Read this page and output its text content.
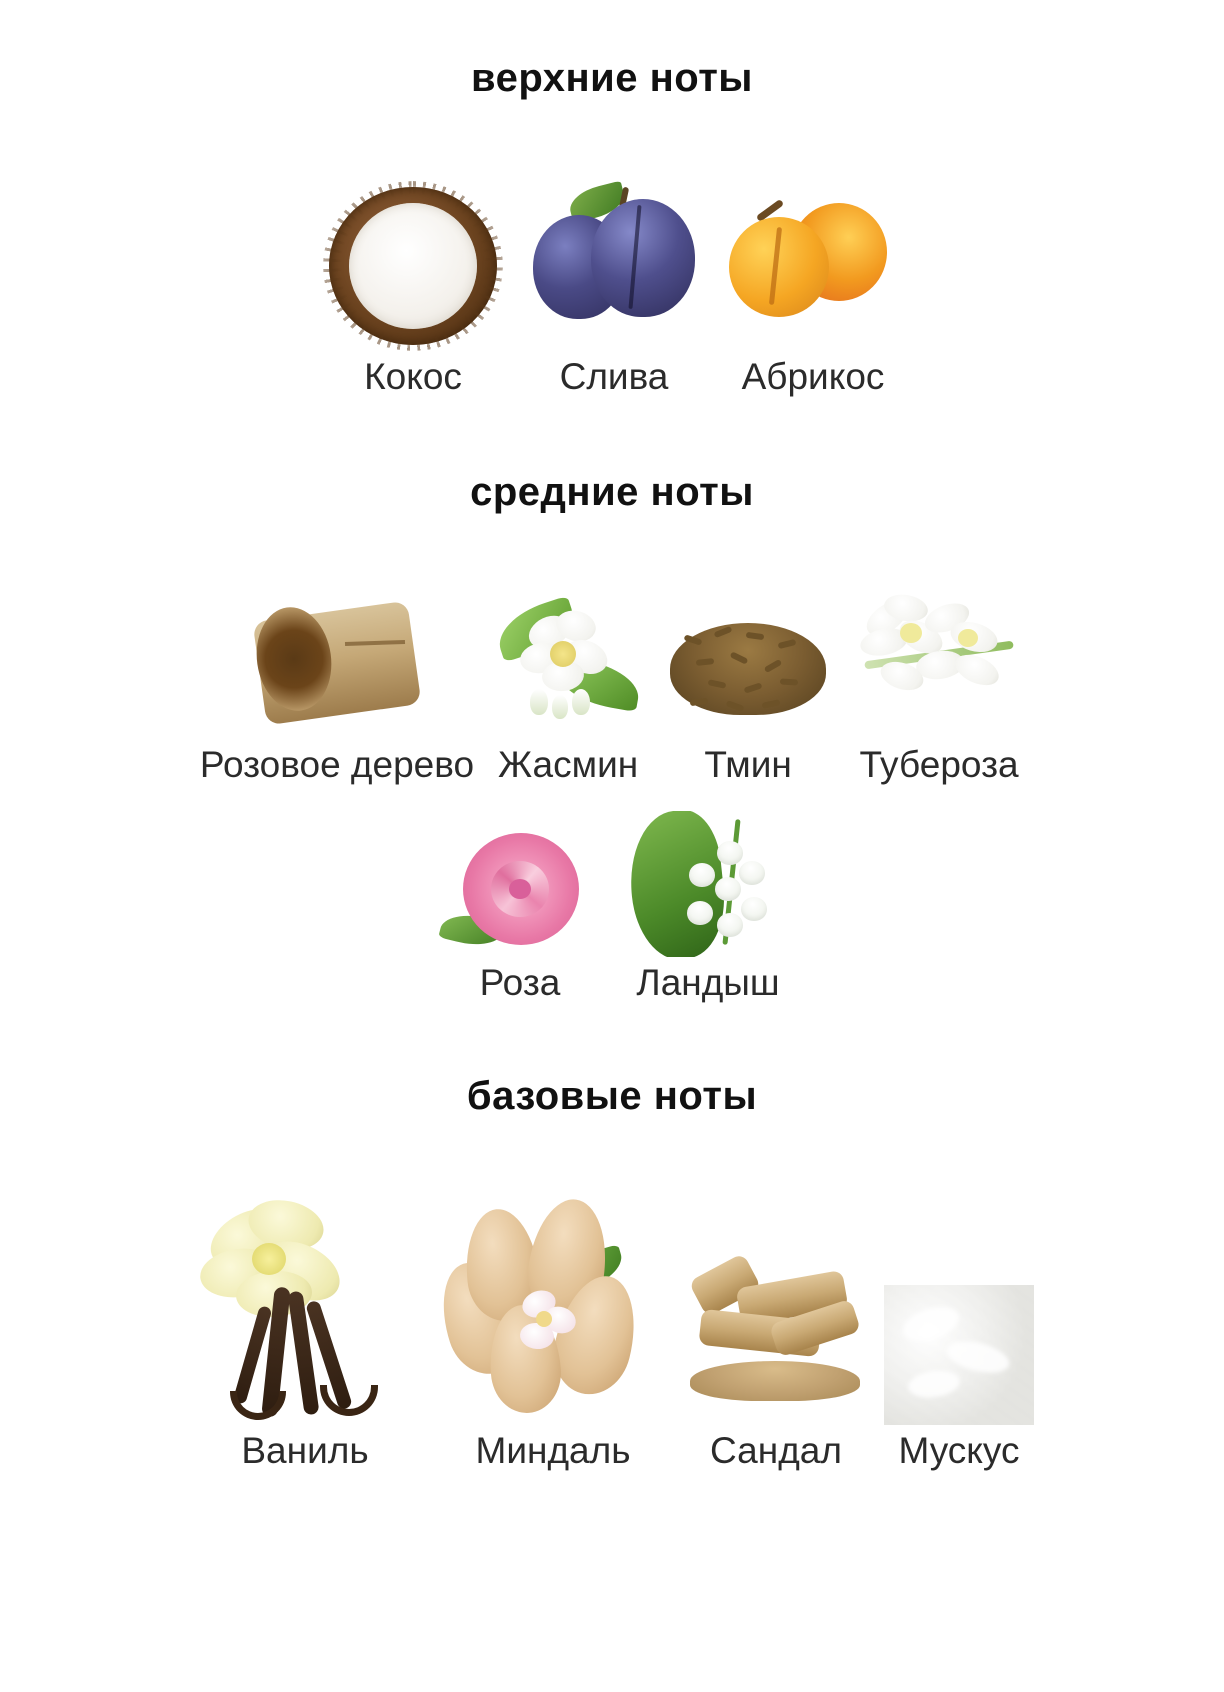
верхние ноты
Кокос	Слива Абрикос
средние ноты
Розовое дерево Жасмин Тмин Тубероза
Роза Ландыш
базовые ноты
Ваниль	Миндаль Сандал Мускус
